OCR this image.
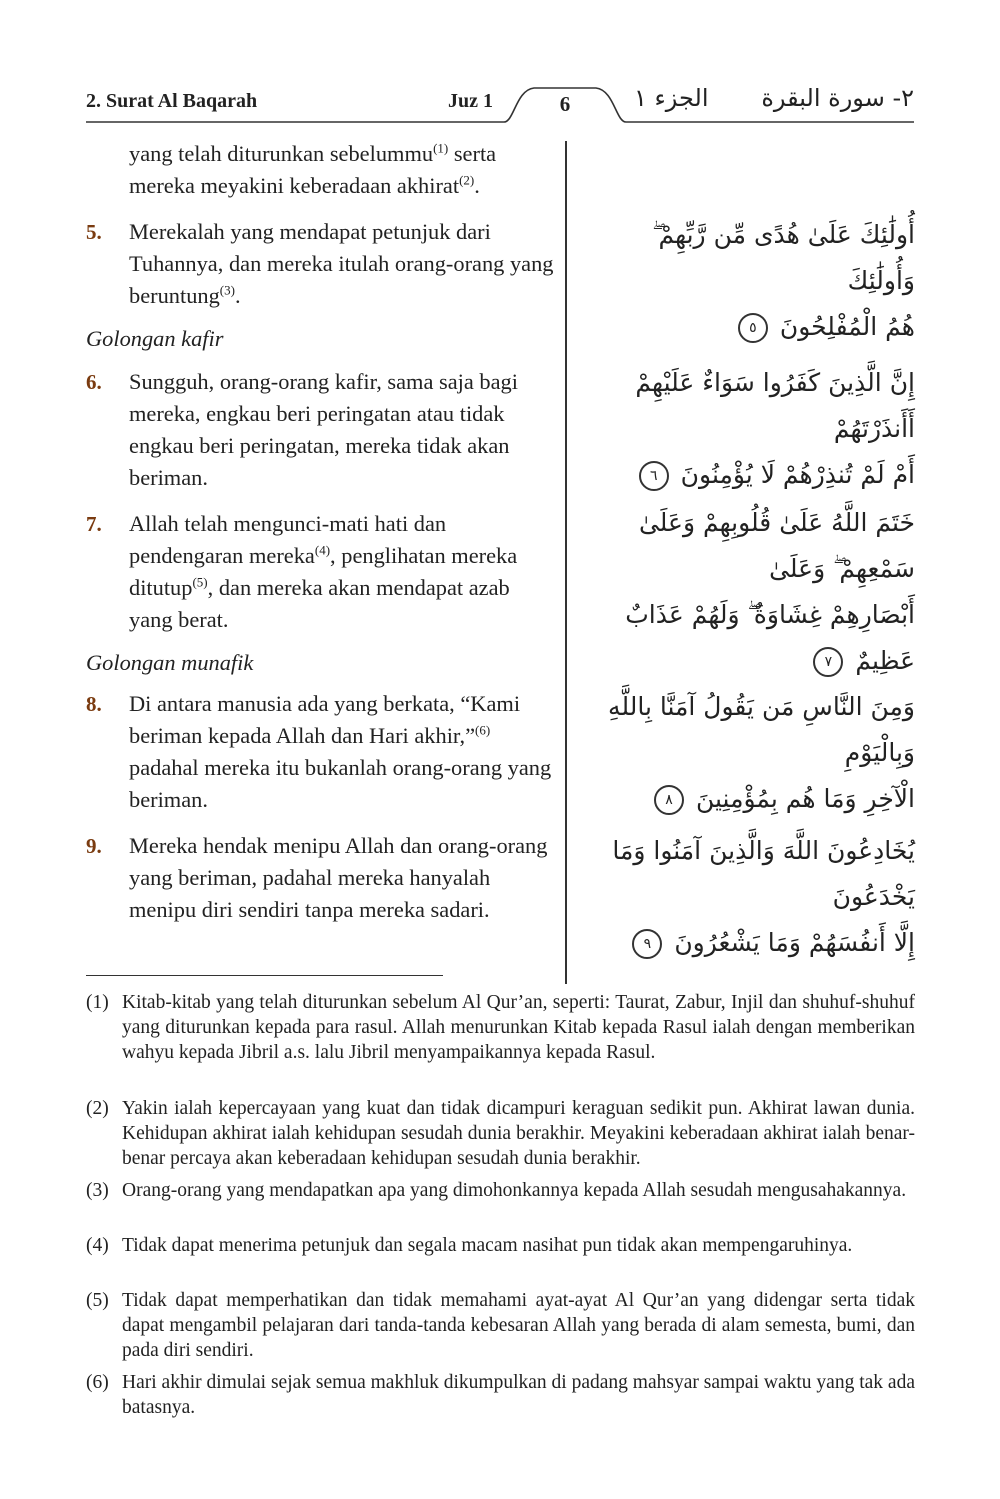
2. Surat Al Baqarah	Juz 1	6	الجزء ١ ٢- سورة البقرة
yang telah diturunkan sebelummu$^{(1)}$ serta
mereka meyakini keberadaan akhirat$^{(2)}$.
5. Merekalah yang mendapat petunjuk dari Tuhannya, dan mereka itulah orang-orang yang beruntung$^{(3)}$.
أُولَٰئِكَ عَلَىٰ هُدًى مِّن رَّبِّهِمْ ۖ وَأُولَٰئِكَ
هُمُ الْمُفْلِحُونَ ٥
Golongan kafir
6. Sungguh, orang-orang kafir, sama saja bagi mereka, engkau beri peringatan atau tidak engkau beri peringatan, mereka tidak akan beriman.
إِنَّ الَّذِينَ كَفَرُوا سَوَاءٌ عَلَيْهِمْ أَأَنذَرْتَهُمْ
أَمْ لَمْ تُنذِرْهُمْ لَا يُؤْمِنُونَ ٦
7. Allah telah mengunci-mati hati dan pendengaran mereka$^{(4)}$, penglihatan mereka ditutup$^{(5)}$, dan mereka akan mendapat azab yang berat.
خَتَمَ اللَّهُ عَلَىٰ قُلُوبِهِمْ وَعَلَىٰ سَمْعِهِمْ ۖ وَعَلَىٰ
أَبْصَارِهِمْ غِشَاوَةٌ ۖ وَلَهُمْ عَذَابٌ عَظِيمٌ ٧
Golongan munafik
8. Di antara manusia ada yang berkata, “Kami beriman kepada Allah dan Hari akhir,”$^{(6)}$ padahal mereka itu bukanlah orang-orang yang beriman.
وَمِنَ النَّاسِ مَن يَقُولُ آمَنَّا بِاللَّهِ وَبِالْيَوْمِ
الْآخِرِ وَمَا هُم بِمُؤْمِنِينَ ٨
9. Mereka hendak menipu Allah dan orang-orang yang beriman, padahal mereka hanyalah menipu diri sendiri tanpa mereka sadari.
يُخَادِعُونَ اللَّهَ وَالَّذِينَ آمَنُوا وَمَا يَخْدَعُونَ
إِلَّا أَنفُسَهُمْ وَمَا يَشْعُرُونَ ٩
(1) Kitab-kitab yang telah diturunkan sebelum Al Qur’an, seperti: Taurat, Zabur, Injil dan shuhuf-shuhuf yang diturunkan kepada para rasul. Allah menurunkan Kitab kepada Rasul ialah dengan memberikan wahyu kepada Jibril a.s. lalu Jibril menyampaikannya kepada Rasul.
(2) Yakin ialah kepercayaan yang kuat dan tidak dicampuri keraguan sedikit pun. Akhirat lawan dunia. Kehidupan akhirat ialah kehidupan sesudah dunia berakhir. Meyakini keberadaan akhirat ialah benar-benar percaya akan keberadaan kehidupan sesudah dunia berakhir.
(3) Orang-orang yang mendapatkan apa yang dimohonkannya kepada Allah sesudah mengusahakannya.
(4) Tidak dapat menerima petunjuk dan segala macam nasihat pun tidak akan mempengaruhinya.
(5) Tidak dapat memperhatikan dan tidak memahami ayat-ayat Al Qur’an yang didengar serta tidak dapat mengambil pelajaran dari tanda-tanda kebesaran Allah yang berada di alam semesta, bumi, dan pada diri sendiri.
(6) Hari akhir dimulai sejak semua makhluk dikumpulkan di padang mahsyar sampai waktu yang tak ada batasnya.
